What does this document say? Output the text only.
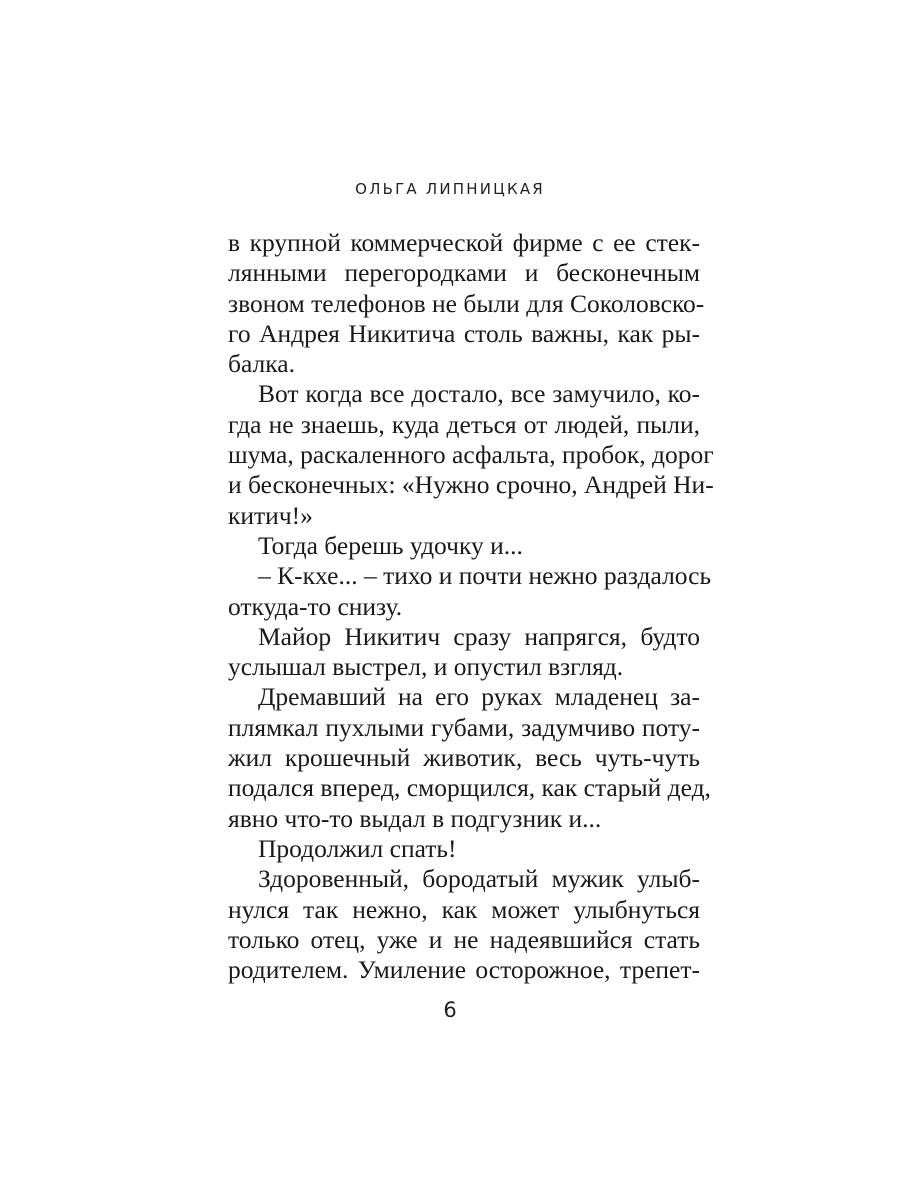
ОЛЬГА ЛИПНИЦКАЯ
в крупной коммерческой фирме с ее стек-
лянными перегородками и бесконечным
звоном телефонов не были для Соколовско-
го Андрея Никитича столь важны, как ры-
балка.
Вот когда все достало, все замучило, ко-
гда не знаешь, куда деться от людей, пыли,
шума, раскаленного асфальта, пробок, дорог
и бесконечных: «Нужно срочно, Андрей Ни-
китич!»
Тогда берешь удочку и...
– К-кхе... – тихо и почти нежно раздалось
откуда-то снизу.
Майор Никитич сразу напрягся, будто
услышал выстрел, и опустил взгляд.
Дремавший на его руках младенец за-
плямкал пухлыми губами, задумчиво поту-
жил крошечный животик, весь чуть-чуть
подался вперед, сморщился, как старый дед,
явно что-то выдал в подгузник и...
Продолжил спать!
Здоровенный, бородатый мужик улыб-
нулся так нежно, как может улыбнуться
только отец, уже и не надеявшийся стать
родителем. Умиление осторожное, трепет-
6
